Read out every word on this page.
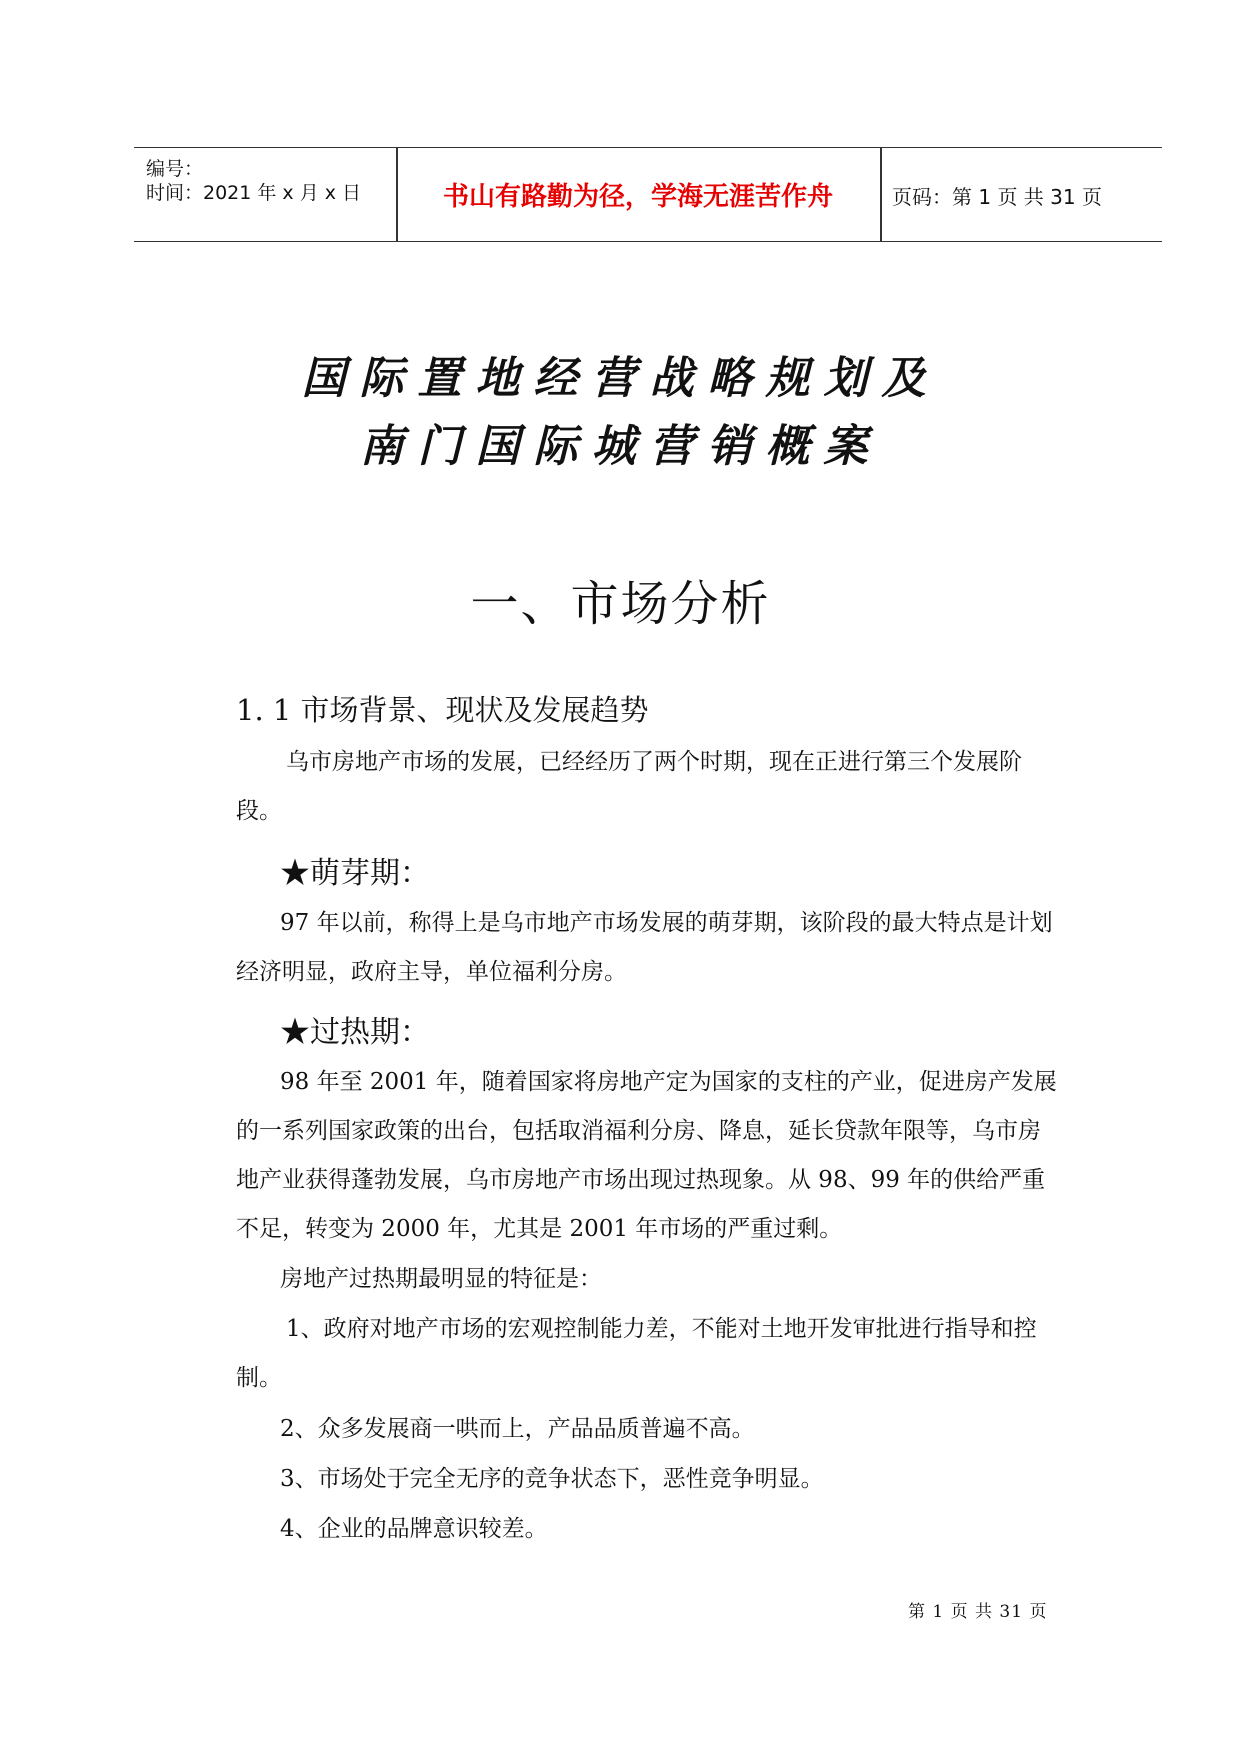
编号：
时间：2021 年 x 月 x 日	书山有路勤为径，学海无涯苦作舟	页码：第 1 页 共 31 页
国际置地经营战略规划及
南门国际城营销概案
一、市场分析
1. 1 市场背景、现状及发展趋势
乌市房地产市场的发展，已经经历了两个时期，现在正进行第三个发展阶段。
★萌芽期：
97 年以前，称得上是乌市地产市场发展的萌芽期，该阶段的最大特点是计划经济明显，政府主导，单位福利分房。
★过热期：
98 年至 2001 年，随着国家将房地产定为国家的支柱的产业，促进房产发展的一系列国家政策的出台，包括取消福利分房、降息，延长贷款年限等，乌市房地产业获得蓬勃发展，乌市房地产市场出现过热现象。从 98、99 年的供给严重不足，转变为 2000 年，尤其是 2001 年市场的严重过剩。
房地产过热期最明显的特征是：
1、政府对地产市场的宏观控制能力差，不能对土地开发审批进行指导和控制。
2、众多发展商一哄而上，产品品质普遍不高。
3、市场处于完全无序的竞争状态下，恶性竞争明显。
4、企业的品牌意识较差。
第 1 页 共 31 页
